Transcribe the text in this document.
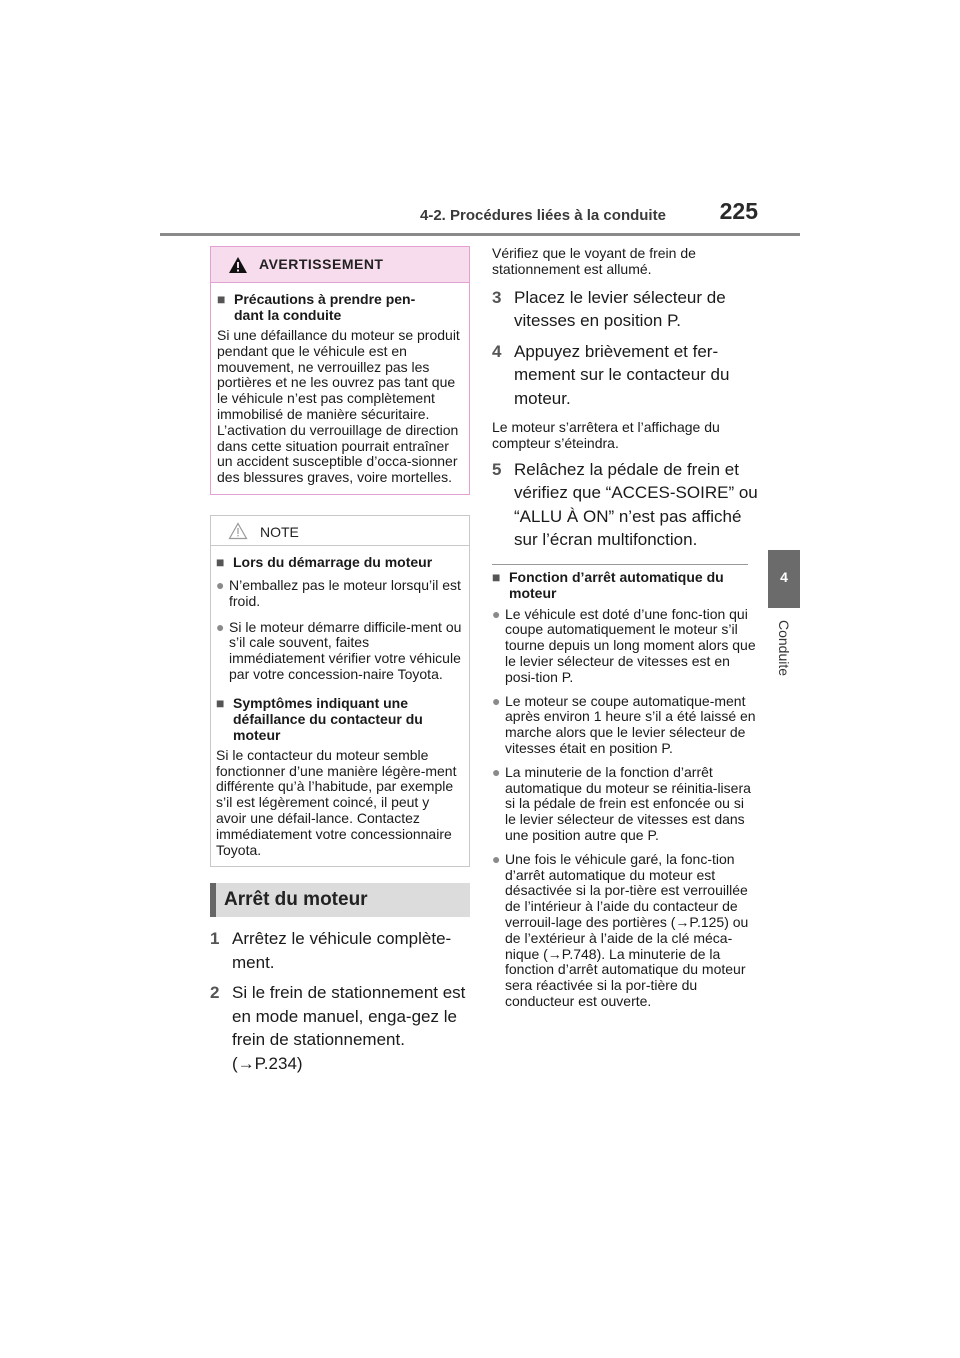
4-2. Procédures liées à la conduite 225
4
Conduite
AVERTISSEMENT
■ Précautions à prendre pen-
dant la conduite
Si une défaillance du moteur se produit pendant que le véhicule est en mouvement, ne verrouillez pas les portières et ne les ouvrez pas tant que le véhicule n’est pas complètement immobilisé de manière sécuritaire. L’activation du verrouillage de direction dans cette situation pourrait entraîner un accident susceptible d’occa-sionner des blessures graves, voire mortelles.
NOTE
■ Lors du démarrage du moteur
● N’emballez pas le moteur lorsqu’il est froid.
● Si le moteur démarre difficile-ment ou s’il cale souvent, faites immédiatement vérifier votre véhicule par votre concession-naire Toyota.
■ Symptômes indiquant une défaillance du contacteur du moteur
Si le contacteur du moteur semble fonctionner d’une manière légère-ment différente qu’à l’habitude, par exemple s’il est légèrement coincé, il peut y avoir une défail-lance. Contactez immédiatement votre concessionnaire Toyota.
Arrêt du moteur
1 Arrêtez le véhicule complète-ment.
2 Si le frein de stationnement est en mode manuel, enga-gez le frein de stationnement. (→P.234)
Vérifiez que le voyant de frein de stationnement est allumé.
3 Placez le levier sélecteur de vitesses en position P.
4 Appuyez brièvement et fer-mement sur le contacteur du moteur.
Le moteur s’arrêtera et l’affichage du compteur s’éteindra.
5 Relâchez la pédale de frein et vérifiez que “ACCES-SOIRE” ou “ALLU À ON” n’est pas affiché sur l’écran multifonction.
■ Fonction d’arrêt automatique du moteur
● Le véhicule est doté d’une fonc-tion qui coupe automatiquement le moteur s’il tourne depuis un long moment alors que le levier sélecteur de vitesses est en posi-tion P.
● Le moteur se coupe automatique-ment après environ 1 heure s’il a été laissé en marche alors que le levier sélecteur de vitesses était en position P.
● La minuterie de la fonction d’arrêt automatique du moteur se réinitia-lisera si la pédale de frein est enfoncée ou si le levier sélecteur de vitesses est dans une position autre que P.
● Une fois le véhicule garé, la fonc-tion d’arrêt automatique du moteur est désactivée si la por-tière est verrouillée de l’intérieur à l’aide du contacteur de verrouil-lage des portières (→P.125) ou de l’extérieur à l’aide de la clé méca-nique (→P.748). La minuterie de la fonction d’arrêt automatique du moteur sera réactivée si la por-tière du conducteur est ouverte.
